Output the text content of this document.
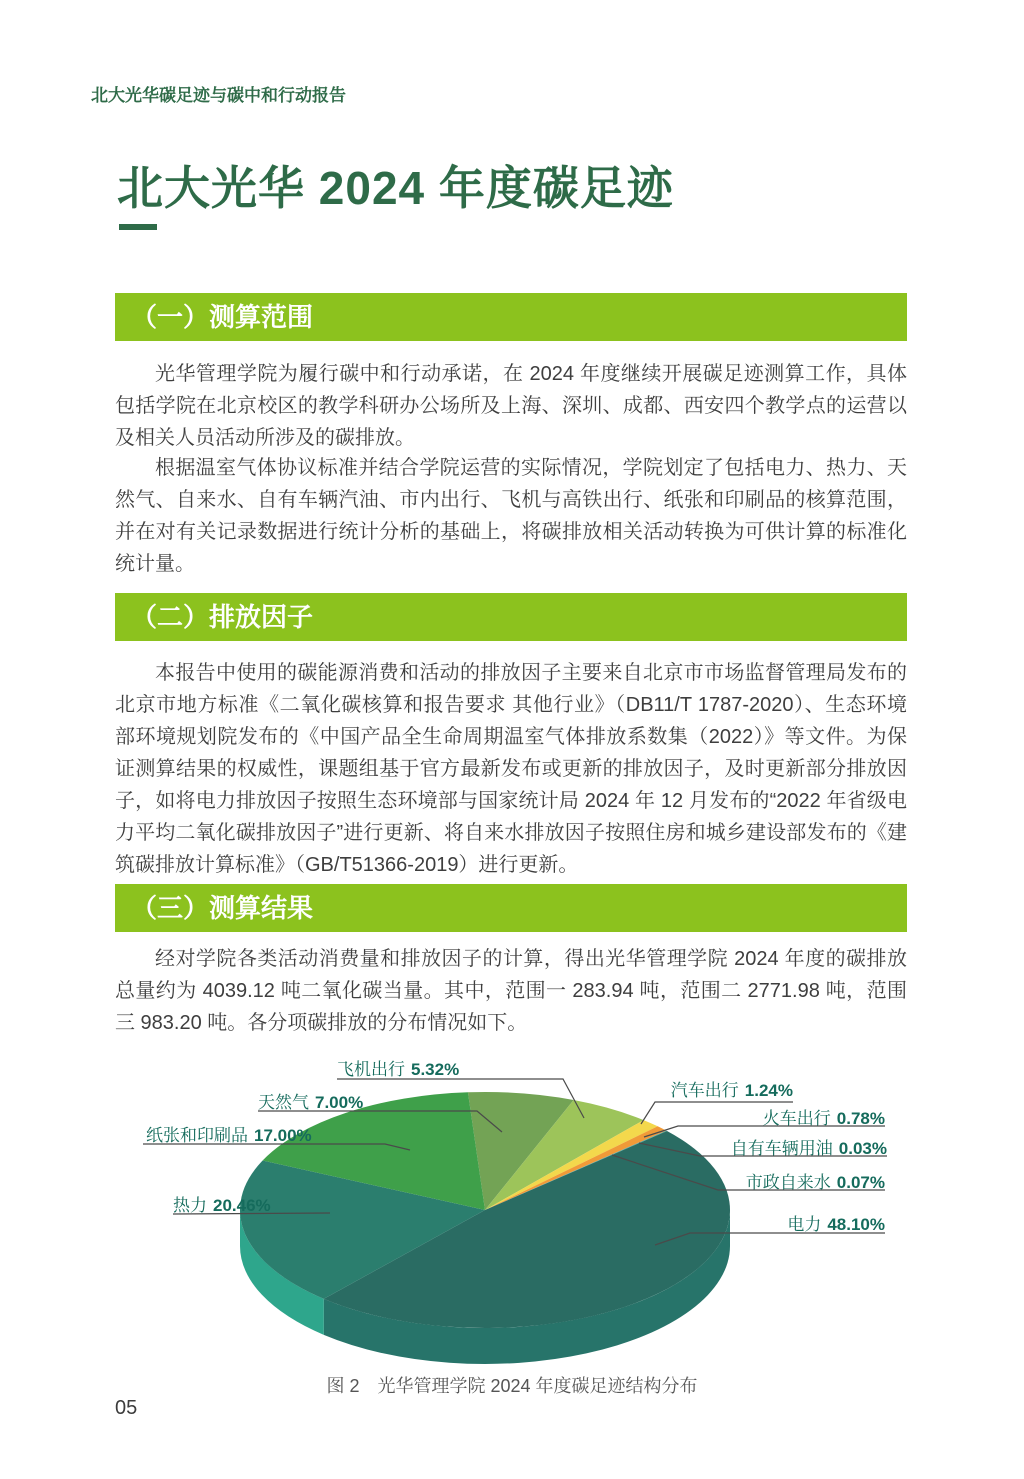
北大光华碳足迹与碳中和行动报告
北大光华 2024 年度碳足迹
（一）测算范围

光华管理学院为履行碳中和行动承诺，在 2024 年度继续开展碳足迹测算工作，具体包括学院在北京校区的教学科研办公场所及上海、深圳、成都、西安四个教学点的运营以及相关人员活动所涉及的碳排放。

根据温室气体协议标准并结合学院运营的实际情况，学院划定了包括电力、热力、天然气、自来水、自有车辆汽油、市内出行、飞机与高铁出行、纸张和印刷品的核算范围，并在对有关记录数据进行统计分析的基础上，将碳排放相关活动转换为可供计算的标准化统计量。

（二）排放因子

本报告中使用的碳能源消费和活动的排放因子主要来自北京市市场监督管理局发布的北京市地方标准《二氧化碳核算和报告要求 其他行业》（DB11/T 1787-2020）、生态环境部环境规划院发布的《中国产品全生命周期温室气体排放系数集（2022）》等文件。为保证测算结果的权威性，课题组基于官方最新发布或更新的排放因子，及时更新部分排放因子，如将电力排放因子按照生态环境部与国家统计局 2024 年 12 月发布的“2022 年省级电力平均二氧化碳排放因子”进行更新、将自来水排放因子按照住房和城乡建设部发布的《建筑碳排放计算标准》（GB/T51366-2019）进行更新。

（三）测算结果

经对学院各类活动消费量和排放因子的计算，得出光华管理学院 2024 年度的碳排放总量约为 4039.12 吨二氧化碳当量。其中，范围一 283.94 吨，范围二 2771.98 吨，范围三 983.20 吨。各分项碳排放的分布情况如下。

飞机出行 5.32%
天然气 7.00%
纸张和印刷品 17.00%
热力 20.46%
汽车出行 1.24%
火车出行 0.78%
自有车辆用油 0.03%
市政自来水 0.07%
电力 48.10%
图 2　光华管理学院 2024 年度碳足迹结构分布
05
